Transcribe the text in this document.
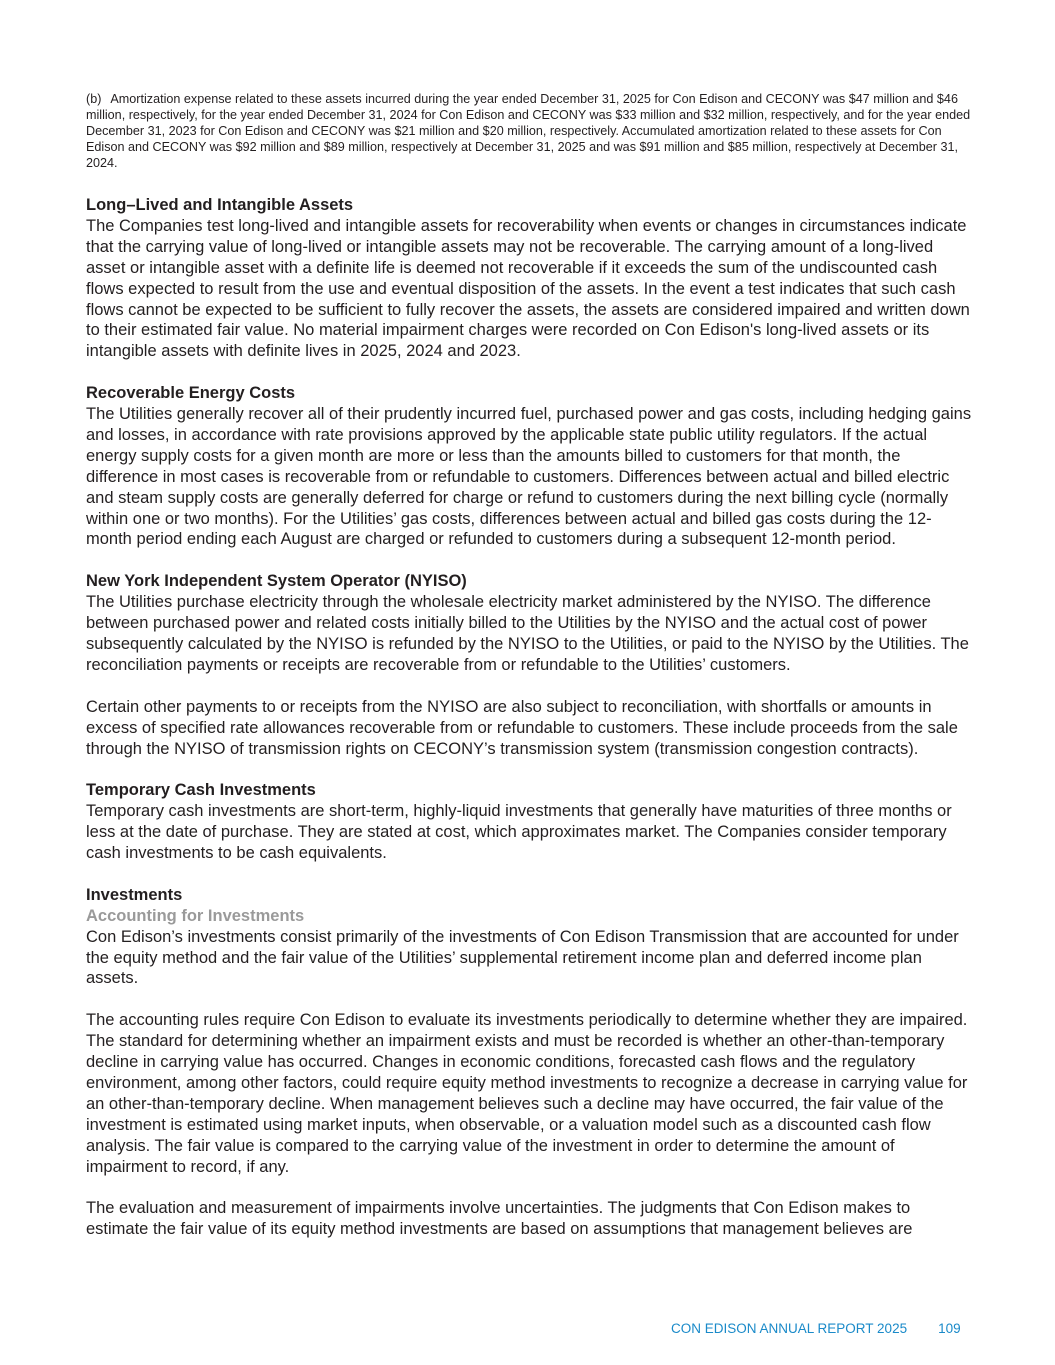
(b) Amortization expense related to these assets incurred during the year ended December 31, 2025 for Con Edison and CECONY was $47 million and $46 million, respectively, for the year ended December 31, 2024 for Con Edison and CECONY was $33 million and $32 million, respectively, and for the year ended December 31, 2023 for Con Edison and CECONY was $21 million and $20 million, respectively. Accumulated amortization related to these assets for Con Edison and CECONY was $92 million and $89 million, respectively at December 31, 2025 and was $91 million and $85 million, respectively at December 31, 2024.
Long–Lived and Intangible Assets

The Companies test long-lived and intangible assets for recoverability when events or changes in circumstances indicate that the carrying value of long-lived or intangible assets may not be recoverable. The carrying amount of a long-lived asset or intangible asset with a definite life is deemed not recoverable if it exceeds the sum of the undiscounted cash flows expected to result from the use and eventual disposition of the assets. In the event a test indicates that such cash flows cannot be expected to be sufficient to fully recover the assets, the assets are considered impaired and written down to their estimated fair value. No material impairment charges were recorded on Con Edison's long-lived assets or its intangible assets with definite lives in 2025, 2024 and 2023.

Recoverable Energy Costs

The Utilities generally recover all of their prudently incurred fuel, purchased power and gas costs, including hedging gains and losses, in accordance with rate provisions approved by the applicable state public utility regulators. If the actual energy supply costs for a given month are more or less than the amounts billed to customers for that month, the difference in most cases is recoverable from or refundable to customers. Differences between actual and billed electric and steam supply costs are generally deferred for charge or refund to customers during the next billing cycle (normally within one or two months). For the Utilities’ gas costs, differences between actual and billed gas costs during the 12-month period ending each August are charged or refunded to customers during a subsequent 12-month period.

New York Independent System Operator (NYISO)

The Utilities purchase electricity through the wholesale electricity market administered by the NYISO. The difference between purchased power and related costs initially billed to the Utilities by the NYISO and the actual cost of power subsequently calculated by the NYISO is refunded by the NYISO to the Utilities, or paid to the NYISO by the Utilities. The reconciliation payments or receipts are recoverable from or refundable to the Utilities’ customers.

Certain other payments to or receipts from the NYISO are also subject to reconciliation, with shortfalls or amounts in excess of specified rate allowances recoverable from or refundable to customers. These include proceeds from the sale through the NYISO of transmission rights on CECONY’s transmission system (transmission congestion contracts).

Temporary Cash Investments

Temporary cash investments are short-term, highly-liquid investments that generally have maturities of three months or less at the date of purchase. They are stated at cost, which approximates market. The Companies consider temporary cash investments to be cash equivalents.

Investments
Accounting for Investments

Con Edison’s investments consist primarily of the investments of Con Edison Transmission that are accounted for under the equity method and the fair value of the Utilities’ supplemental retirement income plan and deferred income plan assets.

The accounting rules require Con Edison to evaluate its investments periodically to determine whether they are impaired. The standard for determining whether an impairment exists and must be recorded is whether an other-than-temporary decline in carrying value has occurred. Changes in economic conditions, forecasted cash flows and the regulatory environment, among other factors, could require equity method investments to recognize a decrease in carrying value for an other-than-temporary decline. When management believes such a decline may have occurred, the fair value of the investment is estimated using market inputs, when observable, or a valuation model such as a discounted cash flow analysis. The fair value is compared to the carrying value of the investment in order to determine the amount of impairment to record, if any.

The evaluation and measurement of impairments involve uncertainties. The judgments that Con Edison makes to estimate the fair value of its equity method investments are based on assumptions that management believes are

CON EDISON ANNUAL REPORT 2025 109
